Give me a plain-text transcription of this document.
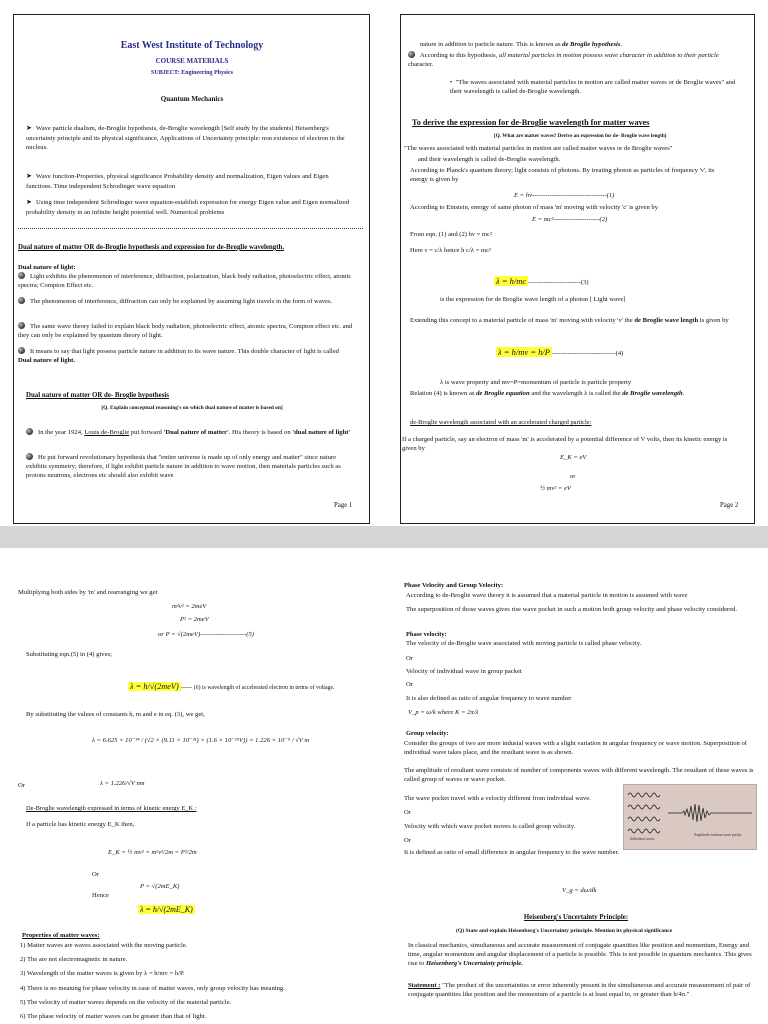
East West Institute of Technology
COURSE MATERIALS
SUBJECT: Engineering Physics
Quantum Mechanics
➤ Wave particle dualism, de-Broglie hypothesis, de-Broglie wavelength [Self study by the students] Heisenberg's uncertainty principle and its physical significance, Applications of Uncertainty principle: non existence of electron in the nucleus.
➤ Wave function-Properties, physical significance Probability density and normalization, Eigen values and Eigen functions. Time independent Schrodinger wave equation
➤ Using time independent Schrodinger wave equation-establish expression for energy Eigen value and Eigen normalized probability density in an infinite height potential well. Numerical problems
Dual nature of matter OR de-Broglie hypothesis and expression for de-Broglie wavelength.
Dual nature of light:
Light exhibits the phenomenon of interference, diffraction, polarization, black body radiation, photoelectric effect, atomic spectra; Compton Effect etc.
The phenomenon of interference, diffraction can only be explained by assuming light travels in the form of waves.
The same wave theory failed to explain black body radiation, photoelectric effect, atomic spectra, Compton effect etc. and they can only be explained by quantum theory of light.
It means to say that light possess particle nature in addition to its wave nature. This double character of light is called Dual nature of light.
Dual nature of matter OR de- Broglie hypothesis
[Q. Explain conceptual reasoning's on which dual nature of matter is based on]
In the year 1924, Louis de-Broglie put forward 'Dual nature of matter'. His theory is based on 'dual nature of light'
He put forward revolutionary hypothesis that "entire universe is made up of only energy and matter" since nature exhibits symmetry; therefore, if light exhibit particle nature in addition to wave motion, then materials particles such as protons neutrons, electrons etc should also exhibit wave
Page 1
nature in addition to particle nature. This is known as de Broglie hypothesis.
According to this hypothesis, all material particles in motion possess wave character in addition to their particle character.
•  "The waves associated with material particles in motion are called matter waves or de Broglie waves" and their wavelength is called de-Broglie wavelength.
To derive the expression for de-Broglie wavelength for matter waves
[Q. What are matter waves? Derive an expression for de- Broglie wave length]
"The waves associated with material particles in motion are called matter waves or de Broglie waves"
and their wavelength is called de-Broglie wavelength.
According to Planck's quantum theory; light consists of photons. By treating photon as particles of frequency 'ν', its energy is given by
E = hν----------------------------------(1)
According to Einstein, energy of same photon of mass 'm' moving with velocity 'c' is given by
E = mc²---------------------(2)
From eqn. (1) and (2) hν = mc²
Here ν = c/λ hence h c/λ = mc²
λ = h/mc ------------------------(3)
is the expression for de Broglie wave length of a photon [ Light wave]
Extending this concept to a material particle of mass 'm' moving with velocity 'v' the de Broglie wave length is given by
λ = h/mv = h/P -----------------------------(4)
λ is wave property and mv=P=momentum of particle is particle property
Relation (4) is known as de Broglie equation and the wavelength λ is called the de Broglie wavelength.
de-Broglie wavelength associated with an accelerated charged particle:
If a charged particle, say an electron of mass 'm' is accelerated by a potential difference of V volts, then its kinetic energy is given by
E_K = eV
or
½ mv² = eV
Page 2
Multiplying both sides by 'm' and rearranging we get
m²v² = 2meV
P² = 2meV
or P = √(2meV)---------------------(5)
Substituting eqn.(5) in (4) gives;
λ = h/√(2meV) ------ (6) is wavelength of accelerated electron in terms of voltage.
By substituting the values of constants h, m and e in eq. (3), we get,
λ = 6.625 × 10⁻³⁴ / (√2 × (9.11 × 10⁻³¹) × (1.6 × 10⁻¹⁹V)) = 1.226 × 10⁻⁹ / √V m
Or	λ = 1.226/√V nm
De-Broglie wavelength expressed in terms of kinetic energy E_K :
If a particle has kinetic energy E_K then,
E_K = ½ mv² = m²v²/2m = P²/2m
Or
P = √(2mE_K)
Hence
λ = h/√(2mE_K)
Properties of matter waves:
1) Matter waves are waves associated with the moving particle.
2) The are not electromagnetic in nature.
3) Wavelength of the matter waves is given by λ = h/mv = h/P.
4) There is no meaning for phase velocity in case of matter waves, only group velocity has meaning.
5) The velocity of matter waves depends on the velocity of the material particle.
6) The phase velocity of matter waves can be greater than that of light.
Phase Velocity and Group Velocity:
According to de-Broglie wave theory it is assumed that a material particle in motion is assumed with wave
The superposition of those waves gives rise wave pocket in such a motion both group velocity and phase velocity considered.
Phase velocity:
The velocity of de-Broglie wave associated with moving particle is called phase velocity.
Or
Velocity of individual wave in group packet
Or
It is also defined as ratio of angular frequency to wave number
V_p = ω/k where K = 2π/λ
Group velocity:
Consider the groups of two are more indusial waves with a slight variation in angular frequency or wave motion. Superposition of individual wave takes place, and the resultant wave is as shown.
The amplitude of resultant wave consists of number of components waves with different wavelength. The resultant of these waves is called group of waves or wave pocket.
The wave pocket travel with a velocity different from individual wave.
Or
Velocity with which wave pocket moves is called group velocity.
Or
It is defined as ratio of small difference in angular frequency to the wave number.
Individual waves
Amplitude resultant wave packet
V_g = dω/dk
Heisenberg's Uncertainty Principle:
(Q) State and explain Heisenberg's Uncertainty principle. Mention its physical significance
In classical mechanics, simultaneous and accurate measurement of conjugate quantities like position and momentum, Energy and time, angular momentum and angular displacement of a particle is possible. This is not possible in quantum mechanics. This gives rise to Heisenberg's Uncertainty principle.
Statement : "The product of the uncertainties or error inherently present in the simultaneous and accurate measurement of pair of conjugate quantities like position and the momentum of a particle is at least equal to, or greater than h/4π."
